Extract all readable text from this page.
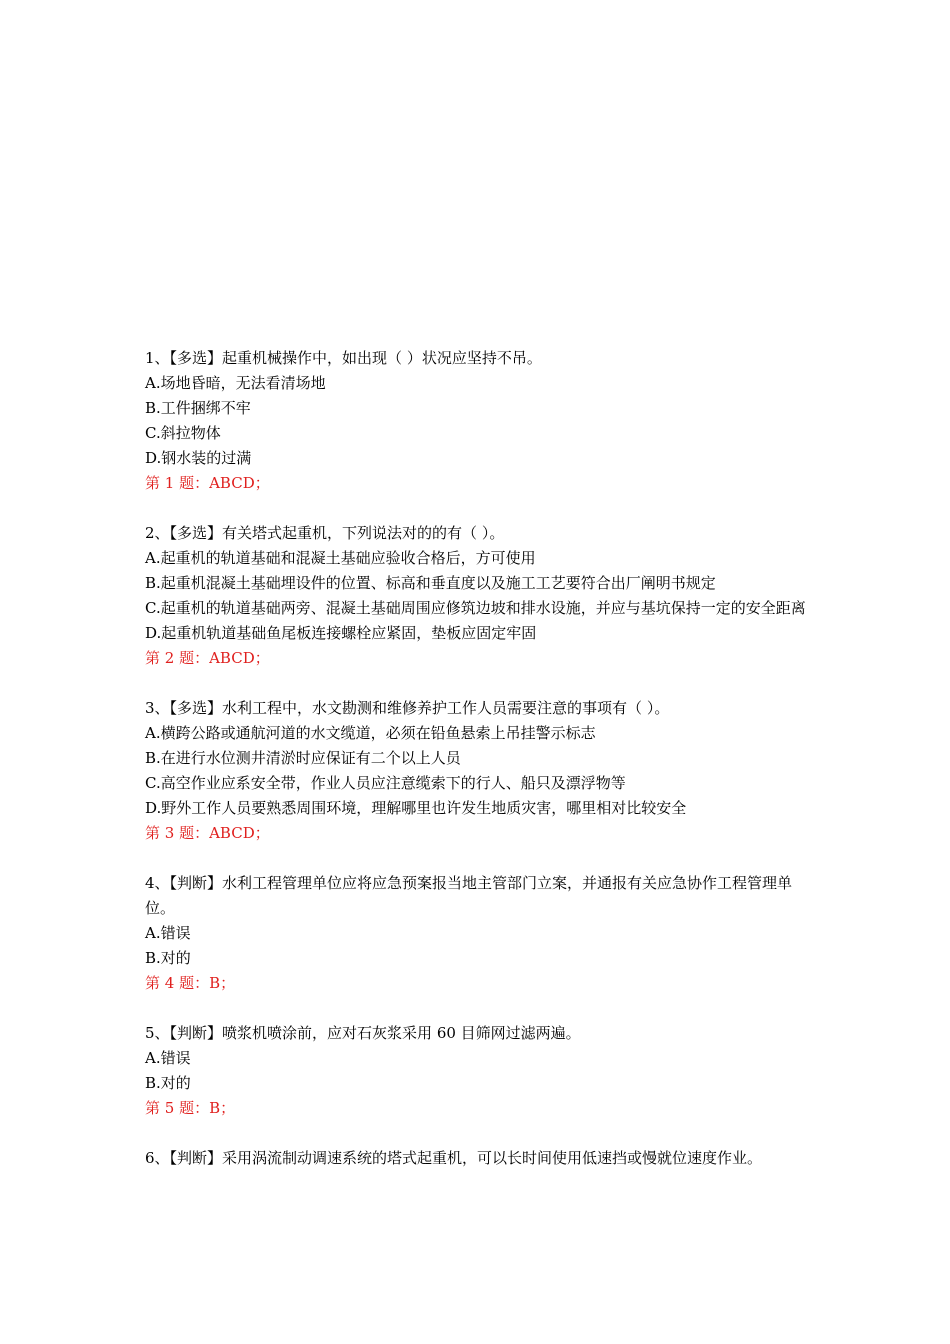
1、【多选】起重机械操作中，如出现（ ）状况应坚持不吊。
A.场地昏暗，无法看清场地
B.工件捆绑不牢
C.斜拉物体
D.钢水装的过满
第 1 题：ABCD；
2、【多选】有关塔式起重机，下列说法对的的有（ ）。
A.起重机的轨道基础和混凝土基础应验收合格后，方可使用
B.起重机混凝土基础埋设件的位置、标高和垂直度以及施工工艺要符合出厂阐明书规定
C.起重机的轨道基础两旁、混凝土基础周围应修筑边坡和排水设施，并应与基坑保持一定的安全距离
D.起重机轨道基础鱼尾板连接螺栓应紧固，垫板应固定牢固
第 2 题：ABCD；
3、【多选】水利工程中，水文勘测和维修养护工作人员需要注意的事项有（ ）。
A.横跨公路或通航河道的水文缆道，必须在铅鱼悬索上吊挂警示标志
B.在进行水位测井清淤时应保证有二个以上人员
C.高空作业应系安全带，作业人员应注意缆索下的行人、船只及漂浮物等
D.野外工作人员要熟悉周围环境，理解哪里也许发生地质灾害，哪里相对比较安全
第 3 题：ABCD；
4、【判断】水利工程管理单位应将应急预案报当地主管部门立案，并通报有关应急协作工程管理单位。
A.错误
B.对的
第 4 题：B；
5、【判断】喷浆机喷涂前，应对石灰浆采用 60 目筛网过滤两遍。
A.错误
B.对的
第 5 题：B；
6、【判断】采用涡流制动调速系统的塔式起重机，可以长时间使用低速挡或慢就位速度作业。
